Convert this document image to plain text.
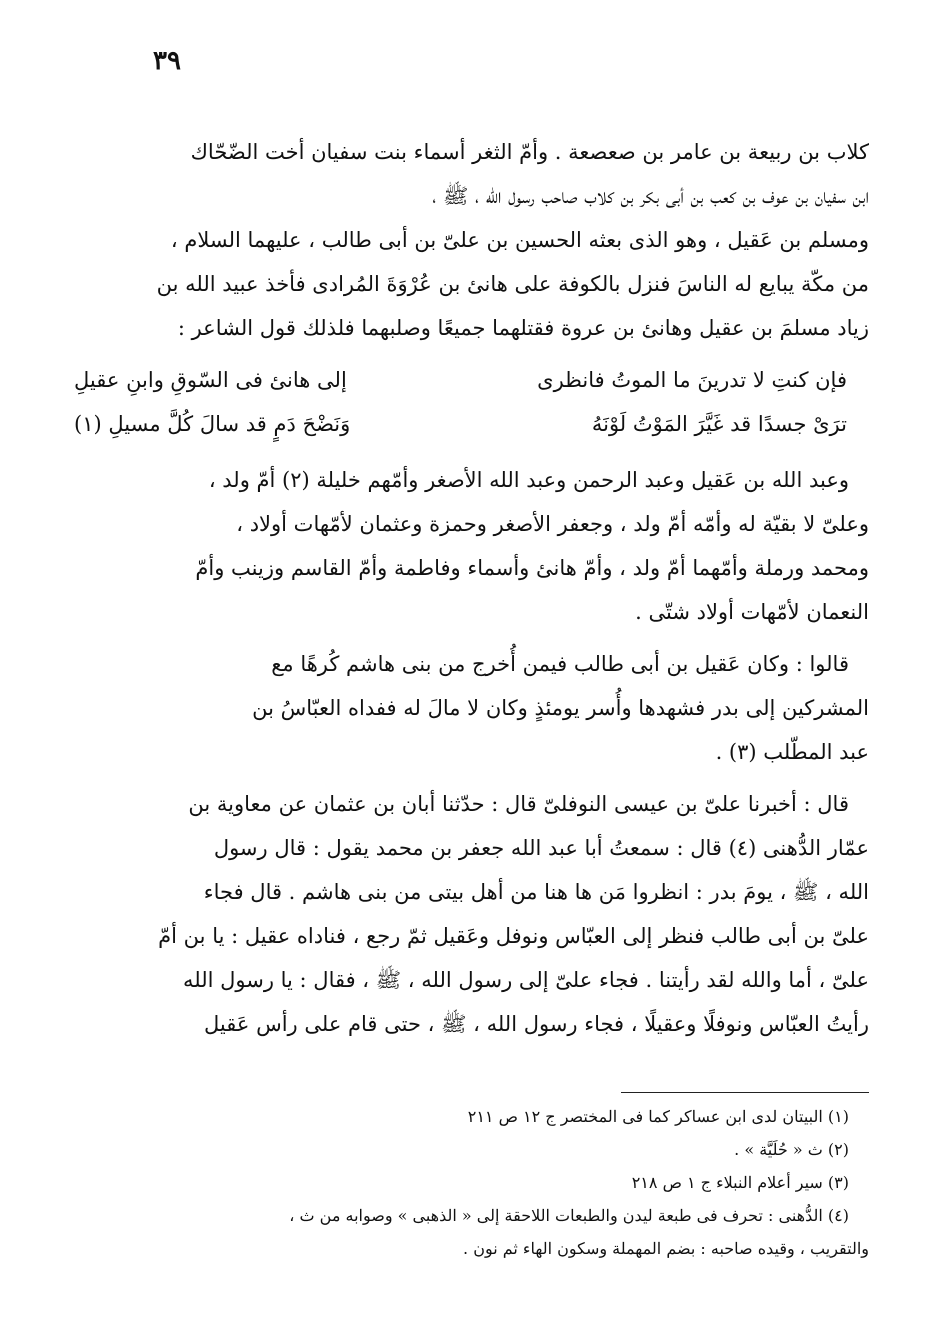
٣٩
كلاب بن ربيعة بن عامر بن صعصعة . وأمّ الثغر أسماء بنت سفيان أخت الضّحّاك
ابن سفيان بن عوف بن كعب بن أبى بكر بن كلاب صاحب رسول الله ، ﷺ ،
ومسلم بن عَقيل ، وهو الذى بعثه الحسين بن علىّ بن أبى طالب ، عليهما السلام ،
من مكّة يبايع له الناسَ فنزل بالكوفة على هانئ بن عُرْوَةَ المُرادى فأخذ عبيد الله بن
زياد مسلمَ بن عقيل وهانئ بن عروة فقتلهما جميعًا وصلبهما فلذلك قول الشاعر :
فإن كنتِ لا تدرينَ ما الموتُ فانظرى
إلى هانئ فى السّوقِ وابنِ عقيلِ
ترَىْ جسدًا قد غَيَّرَ المَوْتُ لَوْنَهُ
وَنَضْحَ دَمٍ قد سالَ كُلَّ مسيلِ (١)
وعبد الله بن عَقيل وعبد الرحمن وعبد الله الأصغر وأمّهم خليلة (٢) أمّ ولد ،
وعلىّ لا بقيّة له وأمّه أمّ ولد ، وجعفر الأصغر وحمزة وعثمان لأمّهات أولاد ،
ومحمد ورملة وأمّهما أمّ ولد ، وأمّ هانئ وأسماء وفاطمة وأمّ القاسم وزينب وأمّ
النعمان لأمّهات أولاد شتّى .
قالوا : وكان عَقيل بن أبى طالب فيمن أُخرج من بنى هاشم كُرهًا مع
المشركين إلى بدر فشهدها وأُسر يومئذٍ وكان لا مالَ له ففداه العبّاسُ بن
عبد المطّلب (٣) .
قال : أخبرنا علىّ بن عيسى النوفلىّ قال : حدّثنا أبان بن عثمان عن معاوية بن
عمّار الدُّهنى (٤) قال : سمعتُ أبا عبد الله جعفر بن محمد يقول : قال رسول
الله ، ﷺ ، يومَ بدر : انظروا مَن ها هنا من أهل بيتى من بنى هاشم . قال فجاء
علىّ بن أبى طالب فنظر إلى العبّاس ونوفل وعَقيل ثمّ رجع ، فناداه عقيل : يا بن أمّ
علىّ ، أما والله لقد رأيتنا . فجاء علىّ إلى رسول الله ، ﷺ ، فقال : يا رسول الله
رأيتُ العبّاس ونوفلًا وعقيلًا ، فجاء رسول الله ، ﷺ ، حتى قام على رأس عَقيل
(١) البيتان لدى ابن عساكر كما فى المختصر ج ١٢ ص ٢١١
(٢) ث « حُلَيَّة » .
(٣) سير أعلام النبلاء ج ١ ص ٢١٨
(٤) الدُّهنى : تحرف فى طبعة ليدن والطبعات اللاحقة إلى « الذهبى » وصوابه من ث ،
والتقريب ، وقيده صاحبه : بضم المهملة وسكون الهاء ثم نون .
